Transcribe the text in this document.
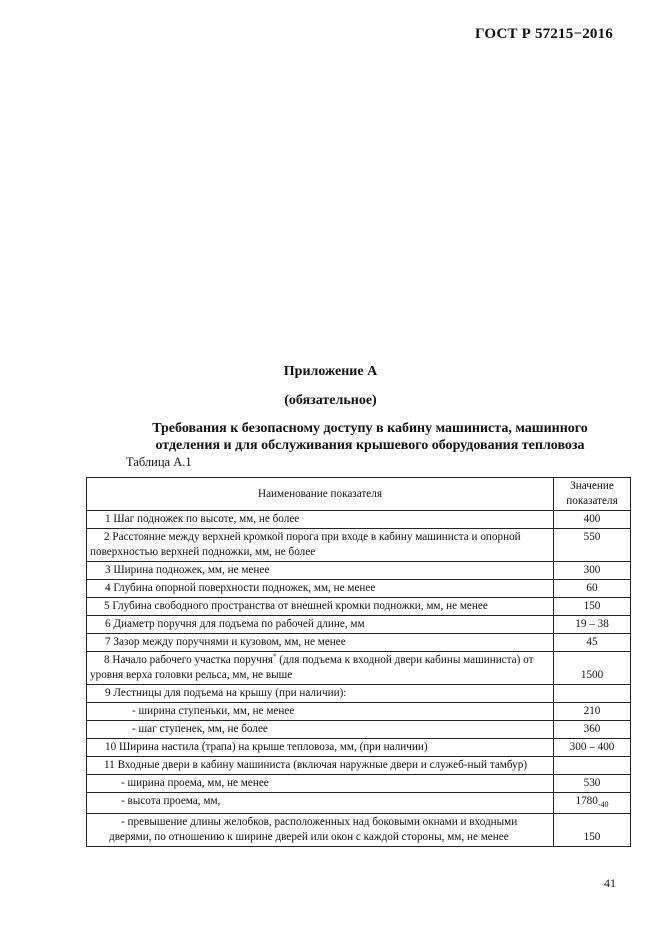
ГОСТ Р 57215−2016
Приложение А
(обязательное)
Требования к безопасному доступу в кабину машиниста, машинного
отделения и для обслуживания крышевого оборудования тепловоза
Таблица А.1
Наименование показателя	Значение показателя
1 Шаг подножек по высоте, мм, не более	400
2 Расстояние между верхней кромкой порога при входе в кабину машиниста и опорной поверхностью верхней подножки, мм, не более	550
3 Ширина подножек, мм, не менее	300
4 Глубина опорной поверхности подножек, мм, не менее	60
5 Глубина свободного пространства от внешней кромки подножки, мм, не менее	150
6 Диаметр поручня для подъема по рабочей длине, мм	19 – 38
7 Зазор между поручнями и кузовом, мм, не менее	45
8 Начало рабочего участка поручня* (для подъема к входной двери кабины машиниста) от уровня верха головки рельса, мм, не выше	1500
9 Лестницы для подъема на крышу (при наличии):	
- ширина ступеньки, мм, не менее	210
- шаг ступенек, мм, не более	360
10 Ширина настила (трапа) на крыше тепловоза, мм, (при наличии)	300 – 400
11 Входные двери в кабину машиниста (включая наружные двери и служеб-ный тамбур)	
- ширина проема, мм, не менее	530
- высота проема, мм,	$1780_{-40}$
- превышение длины желобков, расположенных над боковыми окнами и входными дверями, по отношению к ширине дверей или окон с каждой стороны, мм, не менее	150
41
